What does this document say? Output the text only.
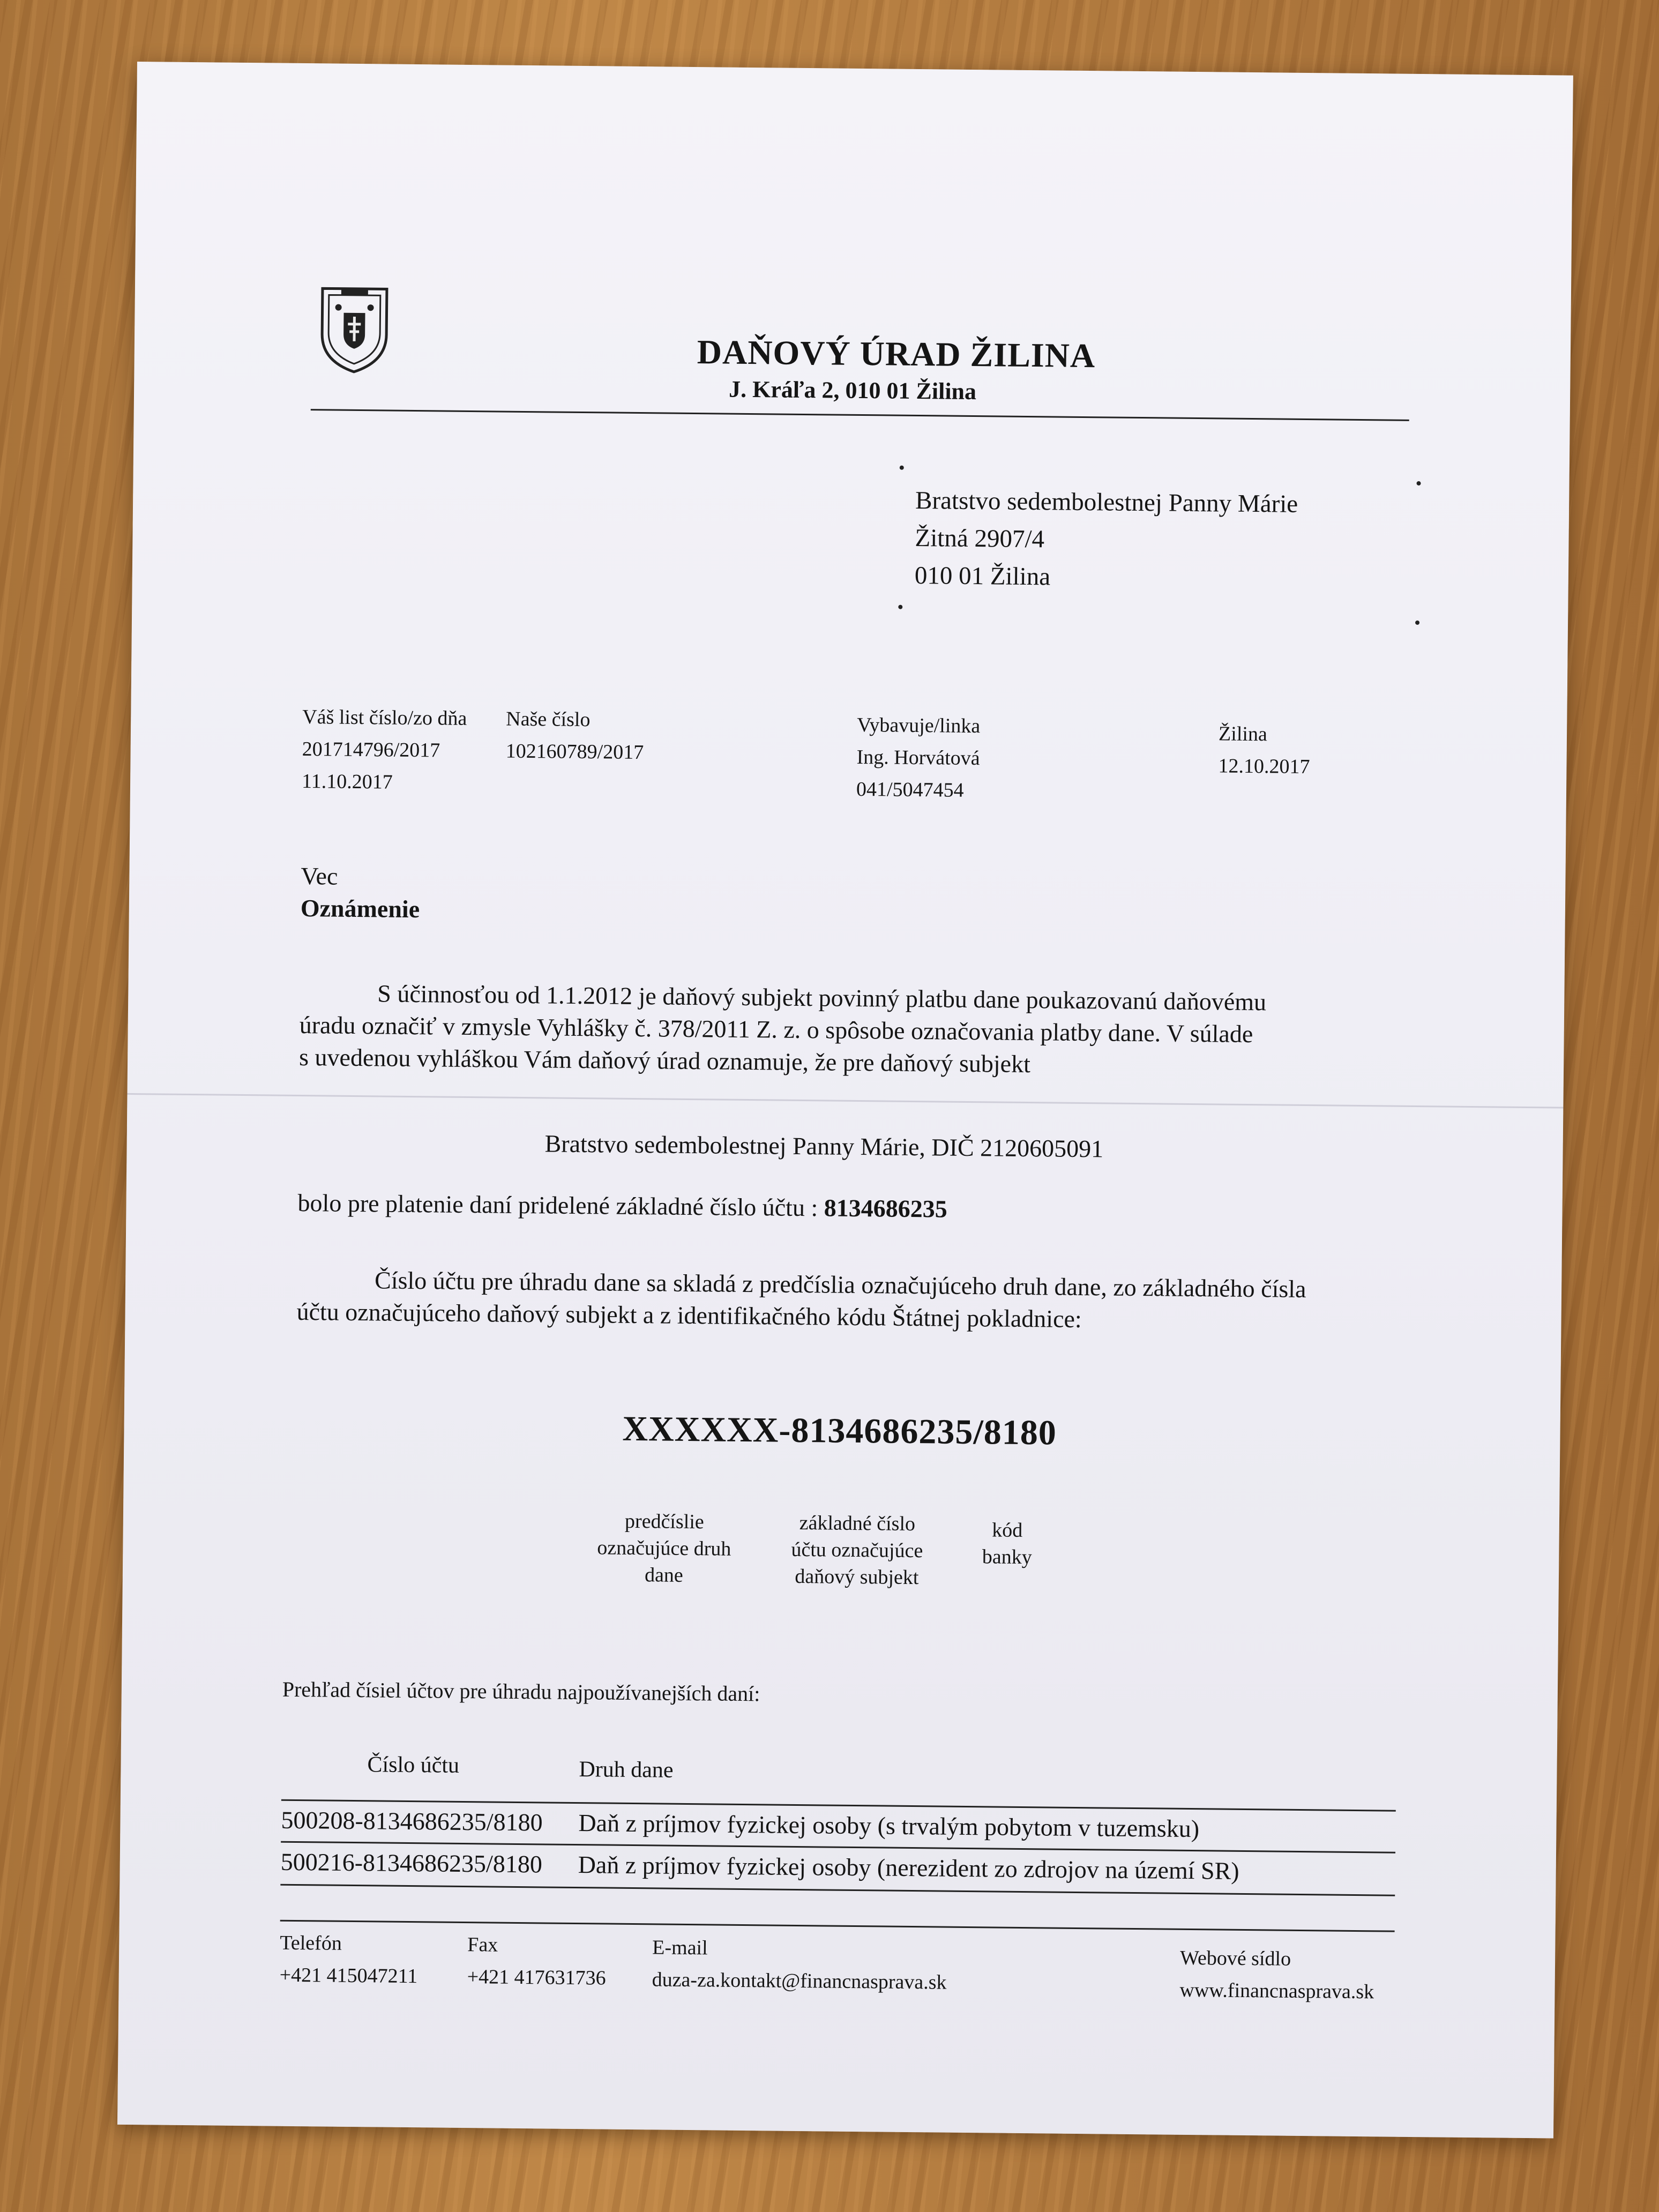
DAŇOVÝ ÚRAD ŽILINA
J. Kráľa 2, 010 01 Žilina
Bratstvo sedembolestnej Panny Márie
Žitná 2907/4
010 01 Žilina
Váš list číslo/zo dňa
201714796/2017
11.10.2017
Naše číslo
102160789/2017
Vybavuje/linka
Ing. Horvátová
041/5047454
Žilina
12.10.2017
Vec
Oznámenie
S účinnosťou od 1.1.2012 je daňový subjekt povinný platbu dane poukazovanú daňovému
úradu označiť v zmysle Vyhlášky č. 378/2011 Z. z. o spôsobe označovania platby dane. V súlade
s uvedenou vyhláškou Vám daňový úrad oznamuje, že pre daňový subjekt
Bratstvo sedembolestnej Panny Márie, DIČ 2120605091
bolo pre platenie daní pridelené základné číslo účtu : 8134686235
Číslo účtu pre úhradu dane sa skladá z predčíslia označujúceho druh dane, zo základného čísla
účtu označujúceho daňový subjekt a z identifikačného kódu Štátnej pokladnice:
XXXXXX-8134686235/8180
predčíslie
označujúce druh
dane
základné číslo
účtu označujúce
daňový subjekt
kód
banky
Prehľad čísiel účtov pre úhradu najpoužívanejších daní:
Číslo účtu	Druh dane
500208-8134686235/8180 Daň z príjmov fyzickej osoby (s trvalým pobytom v tuzemsku)
500216-8134686235/8180 Daň z príjmov fyzickej osoby (nerezident zo zdrojov na území SR)
Telefón
+421 415047211
Fax
+421 417631736
E-mail
duza-za.kontakt@financnasprava.sk
Webové sídlo
www.financnasprava.sk
